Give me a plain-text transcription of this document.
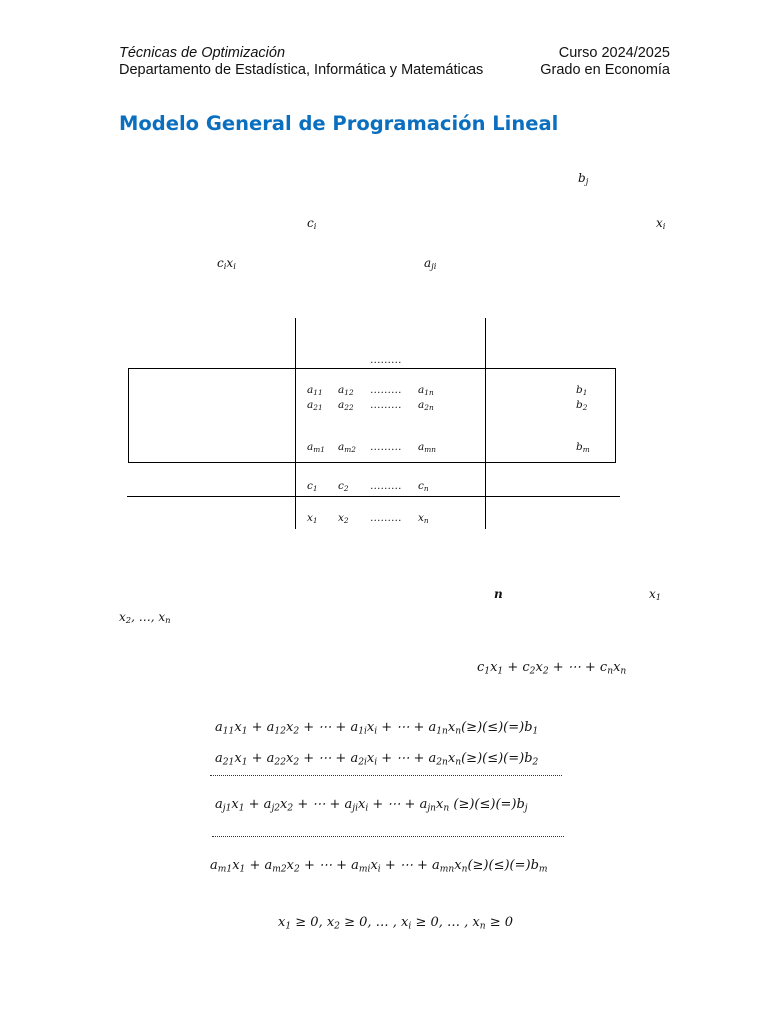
Técnicas de Optimización
Departamento de Estadística, Informática y Matemáticas
Curso 2024/2025
Grado en Economía
Modelo General de Programación Lineal
$b_j$
$c_i$	$x_i$
$c_ix_i$	$a_{ji}$
………
$a_{11}$ $a_{12}$ ……… $a_{1n}$	$b_1$
$a_{21}$ $a_{22}$ ……… $a_{2n}$	$b_2$
$a_{m1}$ $a_{m2}$ ……… $a_{mn}$	$b_m$
$c_1$ $c_2$ ……… $c_n$
$x_1$ $x_2$ ……… $x_n$
n	$x_1$
$x_2$, …, $x_n$
$c_1x_1 + c_2x_2$ + ⋯ + $c_nx_n$
$a_{11}x_1 + a_{12}x_2$ + ⋯ + $a_{1i}x_i$ + ⋯ + $a_{1n}x_n(\ge)(\le)(=)b_1$
$a_{21}x_1 + a_{22}x_2$ + ⋯ + $a_{2i}x_i$ + ⋯ + $a_{2n}x_n(\ge)(\le)(=)b_2$
$a_{j1}x_1 + a_{j2}x_2$ + ⋯ + $a_{ji}x_i$ + ⋯ + $a_{jn}x_n$ $(\ge)(\le)(=)b_j$
$a_{m1}x_1 + a_{m2}x_2$ + ⋯ + $a_{mi}x_i$ + ⋯ + $a_{mn}x_n(\ge)(\le)(=)b_m$
$x_1 \ge 0$, $x_2 \ge 0$, … , $x_i \ge 0$, … , $x_n \ge 0$
